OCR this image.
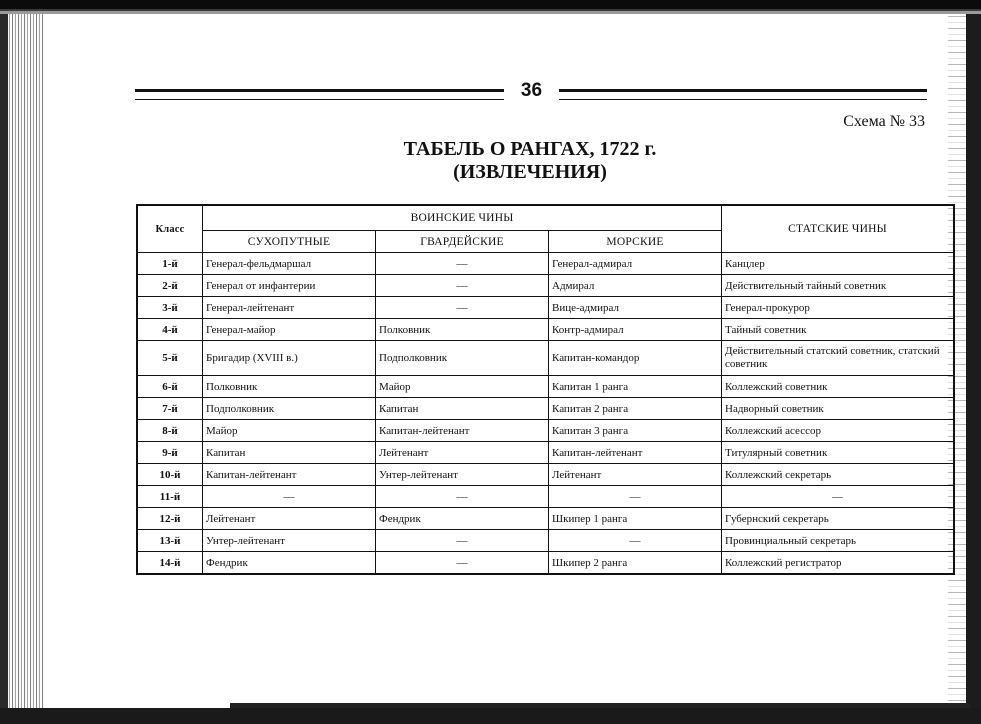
36
Схема № 33
ТАБЕЛЬ О РАНГАХ, 1722 г.
(ИЗВЛЕЧЕНИЯ)
Класс	ВОИНСКИЕ ЧИНЫ			СТАТСКИЕ ЧИНЫ
	СУХОПУТНЫЕ	ГВАРДЕЙСКИЕ	МОРСКИЕ	
1-й	Генерал-фельдмаршал	—	Генерал-адмирал	Канцлер
2-й	Генерал от инфантерии	—	Адмирал	Действительный тайный советник
3-й	Генерал-лейтенант	—	Вице-адмирал	Генерал-прокурор
4-й	Генерал-майор	Полковник	Контр-адмирал	Тайный советник
5-й	Бригадир (XVIII в.)	Подполковник	Капитан-командор	Действительный статский советник, статский советник
6-й	Полковник	Майор	Капитан 1 ранга	Коллежский советник
7-й	Подполковник	Капитан	Капитан 2 ранга	Надворный советник
8-й	Майор	Капитан-лейтенант	Капитан 3 ранга	Коллежский асессор
9-й	Капитан	Лейтенант	Капитан-лейтенант	Титулярный советник
10-й	Капитан-лейтенант	Унтер-лейтенант	Лейтенант	Коллежский секретарь
11-й	—	—	—	—
12-й	Лейтенант	Фендрик	Шкипер 1 ранга	Губернский секретарь
13-й	Унтер-лейтенант	—	—	Провинциальный секретарь
14-й	Фендрик	—	Шкипер 2 ранга	Коллежский регистратор
